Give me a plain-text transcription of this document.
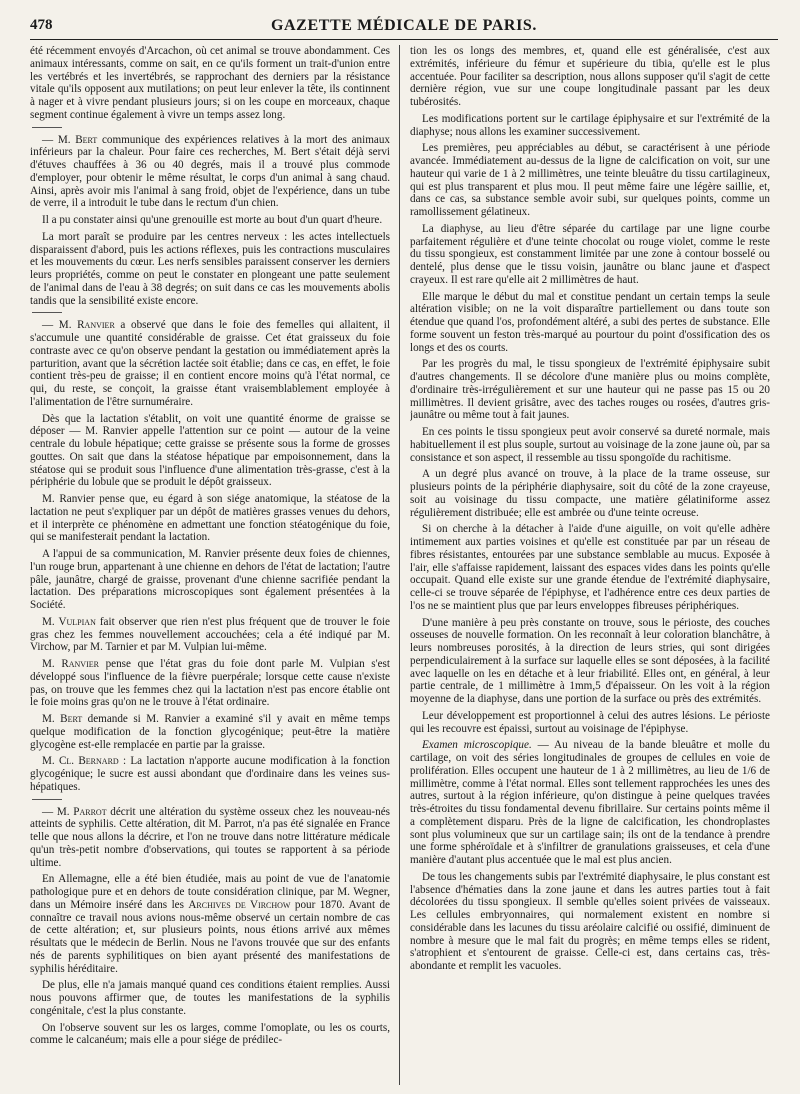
478	GAZETTE MÉDICALE DE PARIS.

été récemment envoyés d'Arcachon, où cet animal se trouve abondamment. Ces animaux intéressants, comme on sait, en ce qu'ils forment un trait-d'union entre les vertébrés et les invertébrés, se rapprochant des derniers par la résistance vitale qu'ils opposent aux mutilations; on peut leur enlever la tête, ils continnent à nager et à vivre pendant plusieurs jours; si on les coupe en morceaux, chaque segment continue également à vivre un temps assez long.

— M. Bert communique des expériences relatives à la mort des animaux inférieurs par la chaleur. Pour faire ces recherches, M. Bert s'était déjà servi d'étuves chauffées à 36 ou 40 degrés, mais il a trouvé plus commode d'employer, pour obtenir le même résultat, le corps d'un animal à sang chaud. Ainsi, après avoir mis l'animal à sang froid, objet de l'expérience, dans un tube de verre, il a introduit le tube dans le rectum d'un chien.

Il a pu constater ainsi qu'une grenouille est morte au bout d'un quart d'heure.

La mort paraît se produire par les centres nerveux : les actes intellectuels disparaissent d'abord, puis les actions réflexes, puis les contractions musculaires et les mouvements du cœur. Les nerfs sensibles paraissent conserver les derniers leurs propriétés, comme on peut le constater en plongeant une patte seulement de l'animal dans de l'eau à 38 degrés; on suit dans ce cas les mouvements abolis tandis que la sensibilité existe encore.

— M. Ranvier a observé que dans le foie des femelles qui allaitent, il s'accumule une quantité considérable de graisse. Cet état graisseux du foie contraste avec ce qu'on observe pendant la gestation ou immédiatement après la parturition, avant que la sécrétion lactée soit établie; dans ce cas, en effet, le foie contient très-peu de graisse; il en contient encore moins qu'à l'état normal, ce qui, du reste, se conçoit, la graisse étant vraisemblablement employée à l'alimentation de l'être surnuméraire.

Dès que la lactation s'établit, on voit une quantité énorme de graisse se déposer — M. Ranvier appelle l'attention sur ce point — autour de la veine centrale du lobule hépatique; cette graisse se présente sous la forme de grosses gouttes. On sait que dans la stéatose hépatique par empoisonnement, dans la stéatose qui se produit sous l'influence d'une alimentation très-grasse, c'est à la périphérie du lobule que se produit le dépôt graisseux.

M. Ranvier pense que, eu égard à son siége anatomique, la stéatose de la lactation ne peut s'expliquer par un dépôt de matières grasses venues du dehors, et il interprète ce phénomène en admettant une fonction stéatogénique du foie, qui se manifesterait pendant la lactation.

A l'appui de sa communication, M. Ranvier présente deux foies de chiennes, l'un rouge brun, appartenant à une chienne en dehors de l'état de lactation; l'autre pâle, jaunâtre, chargé de graisse, provenant d'une chienne sacrifiée pendant la lactation. Des préparations microscopiques sont également présentées à la Société.

M. Vulpian fait observer que rien n'est plus fréquent que de trouver le foie gras chez les femmes nouvellement accouchées; cela a été indiqué par M. Virchow, par M. Tarnier et par M. Vulpian lui-même.

M. Ranvier pense que l'état gras du foie dont parle M. Vulpian s'est développé sous l'influence de la fièvre puerpérale; lorsque cette cause n'existe pas, on trouve que les femmes chez qui la lactation n'est pas encore établie ont le foie moins gras qu'on ne le trouve à l'état ordinaire.

M. Bert demande si M. Ranvier a examiné s'il y avait en même temps quelque modification de la fonction glycogénique; peut-être la matière glycogène est-elle remplacée en partie par la graisse.

M. Cl. Bernard : La lactation n'apporte aucune modification à la fonction glycogénique; le sucre est aussi abondant que d'ordinaire dans les veines sus-hépatiques.

— M. Parrot décrit une altération du système osseux chez les nouveau-nés atteints de syphilis. Cette altération, dit M. Parrot, n'a pas été signalée en France telle que nous allons la décrire, et l'on ne trouve dans notre littérature médicale qu'un très-petit nombre d'observations, qui toutes se rapportent à sa période ultime.

En Allemagne, elle a été bien étudiée, mais au point de vue de l'anatomie pathologique pure et en dehors de toute considération clinique, par M. Wegner, dans un Mémoire inséré dans les Archives de Virchow pour 1870. Avant de connaître ce travail nous avions nous-même observé un certain nombre de cas de cette altération; et, sur plusieurs points, nous étions arrivé aux mêmes résultats que le médecin de Berlin. Nous ne l'avons trouvée que sur des enfants nés de parents syphilitiques on bien ayant présenté des manifestations de syphilis héréditaire.

De plus, elle n'a jamais manqué quand ces conditions étaient remplies. Aussi nous pouvons affirmer que, de toutes les manifestations de la syphilis congénitale, c'est la plus constante.

On l'observe souvent sur les os larges, comme l'omoplate, ou les os courts, comme le calcanéum; mais elle a pour siége de prédilec-

tion les os longs des membres, et, quand elle est généralisée, c'est aux extrémités, inférieure du fémur et supérieure du tibia, qu'elle est le plus accentuée. Pour faciliter sa description, nous allons supposer qu'il s'agit de cette dernière région, vue sur une coupe longitudinale passant par les deux tubérosités.

Les modifications portent sur le cartilage épiphysaire et sur l'extrémité de la diaphyse; nous allons les examiner successivement.

Les premières, peu appréciables au début, se caractérisent à une période avancée. Immédiatement au-dessus de la ligne de calcification on voit, sur une hauteur qui varie de 1 à 2 millimètres, une teinte bleuâtre du tissu cartilagineux, qui est plus transparent et plus mou. Il peut même faire une légère saillie, et, dans ce cas, sa substance semble avoir subi, sur quelques points, comme un ramollissement gélatineux.

La diaphyse, au lieu d'être séparée du cartilage par une ligne courbe parfaitement régulière et d'une teinte chocolat ou rouge violet, comme le reste du tissu spongieux, est constamment limitée par une zone à contour bosselé ou dentelé, plus dense que le tissu voisin, jaunâtre ou blanc jaune et d'aspect crayeux. Il est rare qu'elle ait 2 millimètres de haut.

Elle marque le début du mal et constitue pendant un certain temps la seule altération visible; on ne la voit disparaître partiellement ou dans toute son étendue que quand l'os, profondément altéré, a subi des pertes de substance. Elle forme souvent un feston très-marqué au pourtour du point d'ossification des os longs et des os courts.

Par les progrès du mal, le tissu spongieux de l'extrémité épiphysaire subit d'autres changements. Il se décolore d'une manière plus ou moins complète, d'ordinaire très-irrégulièrement et sur une hauteur qui ne passe pas 15 ou 20 millimètres. Il devient grisâtre, avec des taches rouges ou rosées, d'autres gris-jaunâtre ou même tout à fait jaunes.

En ces points le tissu spongieux peut avoir conservé sa dureté normale, mais habituellement il est plus souple, surtout au voisinage de la zone jaune où, par sa consistance et son aspect, il ressemble au tissu spongoïde du rachitisme.

A un degré plus avancé on trouve, à la place de la trame osseuse, sur plusieurs points de la périphérie diaphysaire, soit du côté de la zone crayeuse, soit au voisinage du tissu compacte, une matière gélatiniforme assez régulièrement distribuée; elle est ambrée ou d'une teinte ocreuse.

Si on cherche à la détacher à l'aide d'une aiguille, on voit qu'elle adhère intimement aux parties voisines et qu'elle est constituée par par un réseau de fibres résistantes, entourées par une substance semblable au mucus. Exposée à l'air, elle s'affaisse rapidement, laissant des espaces vides dans les points qu'elle occupait. Quand elle existe sur une grande étendue de l'extrémité diaphysaire, celle-ci se trouve séparée de l'épiphyse, et l'adhérence entre ces deux parties de l'os ne se maintient plus que par leurs enveloppes fibreuses périphériques.

D'une manière à peu près constante on trouve, sous le périoste, des couches osseuses de nouvelle formation. On les reconnaît à leur coloration blanchâtre, à leurs nombreuses porosités, à la direction de leurs stries, qui sont dirigées perpendiculairement à la surface sur laquelle elles se sont déposées, à la facilité avec laquelle on les en détache et à leur friabilité. Elles ont, en général, à leur partie centrale, de 1 millimètre à 1mm,5 d'épaisseur. On les voit à la région moyenne de la diaphyse, dans une portion de la surface ou près des extrémités.

Leur développement est proportionnel à celui des autres lésions. Le périoste qui les recouvre est épaissi, surtout au voisinage de l'épiphyse.

Examen microscopique. — Au niveau de la bande bleuâtre et molle du cartilage, on voit des séries longitudinales de groupes de cellules en voie de prolifération. Elles occupent une hauteur de 1 à 2 millimètres, au lieu de 1/6 de millimètre, comme à l'état normal. Elles sont tellement rapprochées les unes des autres, surtout à la région inférieure, qu'on distingue à peine quelques travées très-étroites du tissu fondamental devenu fibrillaire. Sur certains points même il a complètement disparu. Près de la ligne de calcification, les chondroplastes sont plus volumineux que sur un cartilage sain; ils ont de la tendance à prendre une forme sphéroïdale et à s'infiltrer de granulations graisseuses, et cela d'une manière d'autant plus accentuée que le mal est plus ancien.

De tous les changements subis par l'extrémité diaphysaire, le plus constant est l'absence d'hématies dans la zone jaune et dans les autres parties tout à fait décolorées du tissu spongieux. Il semble qu'elles soient privées de vaisseaux. Les cellules embryonnaires, qui normalement existent en nombre si considérable dans les lacunes du tissu aréolaire calcifié ou ossifié, diminuent de nombre à mesure que le mal fait du progrès; en même temps elles se rident, s'atrophient et s'entourent de graisse. Celle-ci est, dans certains cas, très-abondante et remplit les vacuoles.
